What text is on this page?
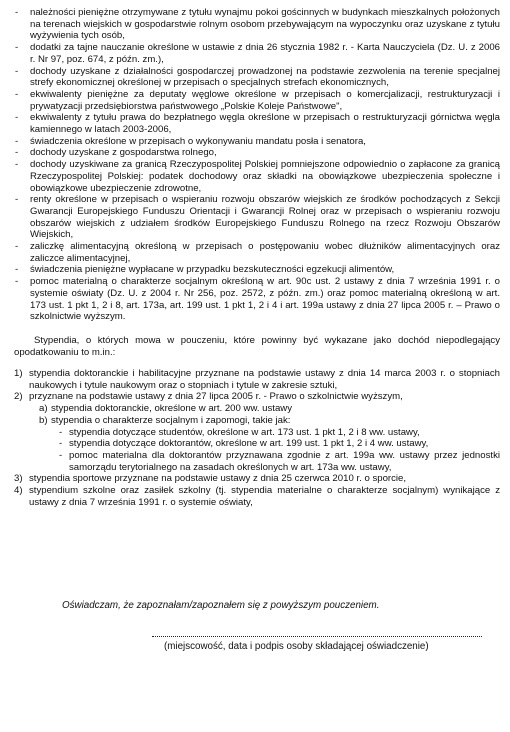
- należności pieniężne otrzymywane z tytułu wynajmu pokoi gościnnych w budynkach mieszkalnych położonych na terenach wiejskich w gospodarstwie rolnym osobom przebywającym na wypoczynku oraz uzyskane z tytułu wyżywienia tych osób,
- dodatki za tajne nauczanie określone w ustawie z dnia 26 stycznia 1982 r. - Karta Nauczyciela (Dz. U. z 2006 r. Nr 97, poz. 674, z późn. zm.),
- dochody uzyskane z działalności gospodarczej prowadzonej na podstawie zezwolenia na terenie specjalnej strefy ekonomicznej określonej w przepisach o specjalnych strefach ekonomicznych,
- ekwiwalenty pieniężne za deputaty węglowe określone w przepisach o komercjalizacji, restrukturyzacji i prywatyzacji przedsiębiorstwa państwowego „Polskie Koleje Państwowe",
- ekwiwalenty z tytułu prawa do bezpłatnego węgla określone w przepisach o restrukturyzacji górnictwa węgla kamiennego w latach 2003-2006,
- świadczenia określone w przepisach o wykonywaniu mandatu posła i senatora,
- dochody uzyskane z gospodarstwa rolnego,
- dochody uzyskiwane za granicą Rzeczypospolitej Polskiej pomniejszone odpowiednio o zapłacone za granicą Rzeczypospolitej Polskiej: podatek dochodowy oraz składki na obowiązkowe ubezpieczenia społeczne i obowiązkowe ubezpieczenie zdrowotne,
- renty określone w przepisach o wspieraniu rozwoju obszarów wiejskich ze środków pochodzących z Sekcji Gwarancji Europejskiego Funduszu Orientacji i Gwarancji Rolnej oraz w przepisach o wspieraniu rozwoju obszarów wiejskich z udziałem środków Europejskiego Funduszu Rolnego na rzecz Rozwoju Obszarów Wiejskich,
- zaliczkę alimentacyjną określoną w przepisach o postępowaniu wobec dłużników alimentacyjnych oraz zaliczce alimentacyjnej,
- świadczenia pieniężne wypłacane w przypadku bezskuteczności egzekucji alimentów,
- pomoc materialną o charakterze socjalnym określoną w art. 90c ust. 2 ustawy z dnia 7 września 1991 r. o systemie oświaty (Dz. U. z 2004 r. Nr 256, poz. 2572, z późn. zm.) oraz pomoc materialną określoną w art. 173 ust. 1 pkt 1, 2 i 8, art. 173a, art. 199 ust. 1 pkt 1, 2 i 4 i art. 199a ustawy z dnia 27 lipca 2005 r. – Prawo o szkolnictwie wyższym.

Stypendia, o których mowa w pouczeniu, które powinny być wykazane jako dochód niepodlegający opodatkowaniu to m.in.:

1) stypendia doktoranckie i habilitacyjne przyznane na podstawie ustawy z dnia 14 marca 2003 r. o stopniach naukowych i tytule naukowym oraz o stopniach i tytule w zakresie sztuki,
2) przyznane na podstawie ustawy z dnia 27 lipca 2005 r. - Prawo o szkolnictwie wyższym,
a) stypendia doktoranckie, określone w art. 200 ww. ustawy
b) stypendia o charakterze socjalnym i zapomogi, takie jak:
- stypendia dotyczące studentów, określone w art. 173 ust. 1 pkt 1, 2 i 8 ww. ustawy,
- stypendia dotyczące doktorantów, określone w art. 199 ust. 1 pkt 1, 2 i 4 ww. ustawy,
- pomoc materialna dla doktorantów przyznawana zgodnie z art. 199a ww. ustawy przez jednostki samorządu terytorialnego na zasadach określonych w art. 173a ww. ustawy,
3) stypendia sportowe przyznane na podstawie ustawy z dnia 25 czerwca 2010 r. o sporcie,
4) stypendium szkolne oraz zasiłek szkolny (tj. stypendia materialne o charakterze socjalnym) wynikające z ustawy z dnia 7 września 1991 r. o systemie oświaty,
Oświadczam, że zapoznałam/zapoznałem się z powyższym pouczeniem.
(miejscowość, data i podpis osoby składającej oświadczenie)
